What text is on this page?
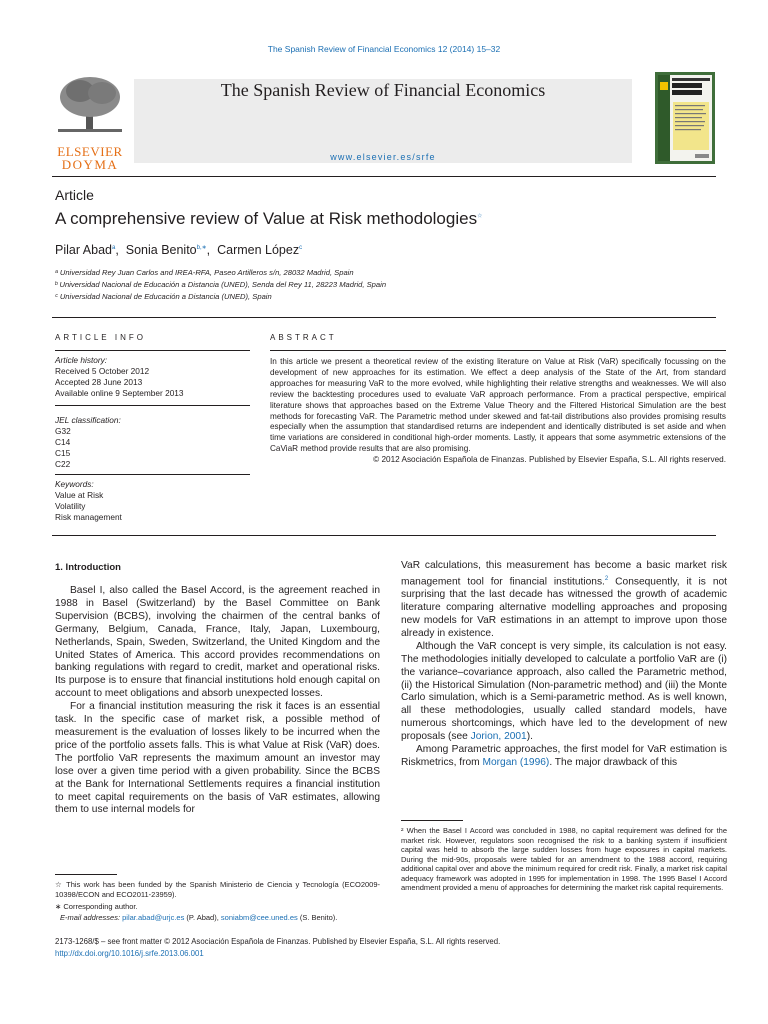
The Spanish Review of Financial Economics 12 (2014) 15–32
ELSEVIER
DOYMA
The Spanish Review of Financial Economics
www.elsevier.es/srfe
Article
A comprehensive review of Value at Risk methodologies☆
Pilar Abad$^a$,  Sonia Benito$^{b,∗}$,  Carmen López$^c$
ᵃ Universidad Rey Juan Carlos and IREA-RFA, Paseo Artilleros s/n, 28032 Madrid, Spain
ᵇ Universidad Nacional de Educación a Distancia (UNED), Senda del Rey 11, 28223 Madrid, Spain
ᶜ Universidad Nacional de Educación a Distancia (UNED), Spain
ARTICLE INFO
Article history:
Received 5 October 2012
Accepted 28 June 2013
Available online 9 September 2013
JEL classification:
G32
C14
C15
C22
Keywords:
Value at Risk
Volatility
Risk management
ABSTRACT
In this article we present a theoretical review of the existing literature on Value at Risk (VaR) specifically focussing on the development of new approaches for its estimation. We effect a deep analysis of the State of the Art, from standard approaches for measuring VaR to the more evolved, while highlighting their relative strengths and weaknesses. We will also review the backtesting procedures used to evaluate VaR approach performance. From a practical perspective, empirical literature shows that approaches based on the Extreme Value Theory and the Filtered Historical Simulation are the best methods for forecasting VaR. The Parametric method under skewed and fat-tail distributions also provides promising results especially when the assumption that standardised returns are independent and identically distributed is set aside and when time variations are considered in conditional high-order moments. Lastly, it appears that some asymmetric extensions of the CaViaR method provide results that are also promising.
© 2012 Asociación Española de Finanzas. Published by Elsevier España, S.L. All rights reserved.
1. Introduction

Basel I, also called the Basel Accord, is the agreement reached in 1988 in Basel (Switzerland) by the Basel Committee on Bank Supervision (BCBS), involving the chairmen of the central banks of Germany, Belgium, Canada, France, Italy, Japan, Luxembourg, Netherlands, Spain, Sweden, Switzerland, the United Kingdom and the United States of America. This accord provides recommendations on banking regulations with regard to credit, market and operational risks. Its purpose is to ensure that financial institutions hold enough capital on account to meet obligations and absorb unexpected losses.

For a financial institution measuring the risk it faces is an essential task. In the specific case of market risk, a possible method of measurement is the evaluation of losses likely to be incurred when the price of the portfolio assets falls. This is what Value at Risk (VaR) does. The portfolio VaR represents the maximum amount an investor may lose over a given time period with a given probability. Since the BCBS at the Bank for International Settlements requires a financial institution to meet capital requirements on the basis of VaR estimates, allowing them to use internal models for

VaR calculations, this measurement has become a basic market risk management tool for financial institutions.$^2$ Consequently, it is not surprising that the last decade has witnessed the growth of academic literature comparing alternative modelling approaches and proposing new models for VaR estimations in an attempt to improve upon those already in existence.

Although the VaR concept is very simple, its calculation is not easy. The methodologies initially developed to calculate a portfolio VaR are (i) the variance–covariance approach, also called the Parametric method, (ii) the Historical Simulation (Non-parametric method) and (iii) the Monte Carlo simulation, which is a Semi-parametric method. As is well known, all these methodologies, usually called standard models, have numerous shortcomings, which have led to the development of new proposals (see Jorion, 2001).

Among Parametric approaches, the first model for VaR estimation is Riskmetrics, from Morgan (1996). The major drawback of this

☆ This work has been funded by the Spanish Ministerio de Ciencia y Tecnología (ECO2009-10398/ECON and ECO2011-23959).
∗ Corresponding author.
E-mail addresses: pilar.abad@urjc.es (P. Abad), soniabm@cee.uned.es (S. Benito).
² When the Basel I Accord was concluded in 1988, no capital requirement was defined for the market risk. However, regulators soon recognised the risk to a banking system if insufficient capital was held to absorb the large sudden losses from huge exposures in capital markets. During the mid-90s, proposals were tabled for an amendment to the 1988 accord, requiring additional capital over and above the minimum required for credit risk. Finally, a market risk capital adequacy framework was adopted in 1995 for implementation in 1998. The 1995 Basel I Accord amendment provided a menu of approaches for determining the market risk capital requirements.
2173-1268/$ – see front matter © 2012 Asociación Española de Finanzas. Published by Elsevier España, S.L. All rights reserved.
http://dx.doi.org/10.1016/j.srfe.2013.06.001
